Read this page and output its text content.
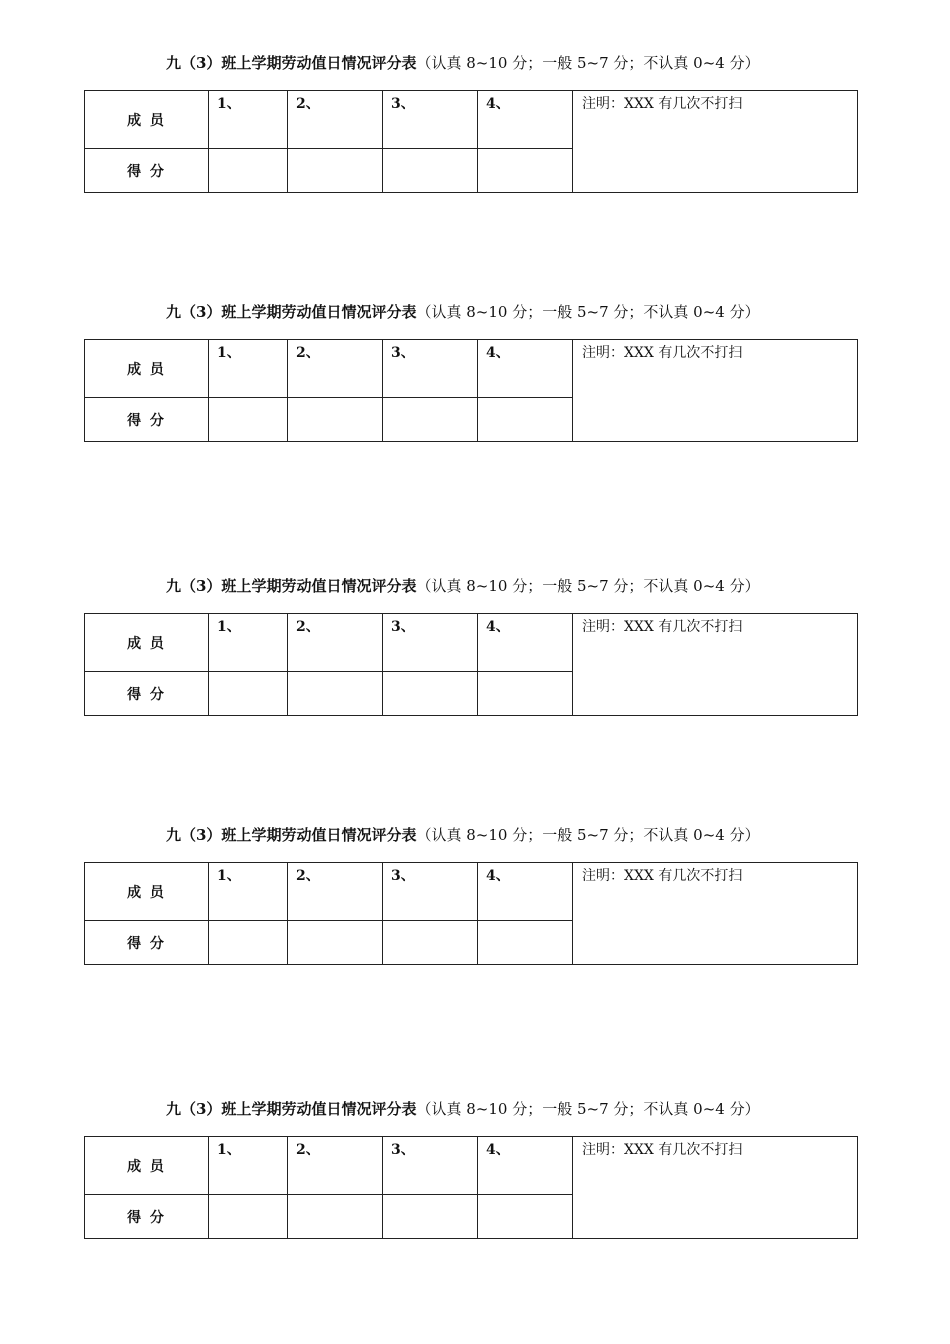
九（3）班上学期劳动值日情况评分表（认真 8~10 分；一般 5~7 分；不认真 0~4 分）
成 员	1、	2、	3、	4、	注明：XXX 有几次不打扫
得 分					
九（3）班上学期劳动值日情况评分表（认真 8~10 分；一般 5~7 分；不认真 0~4 分）
成 员	1、	2、	3、	4、	注明：XXX 有几次不打扫
得 分					
九（3）班上学期劳动值日情况评分表（认真 8~10 分；一般 5~7 分；不认真 0~4 分）
成 员	1、	2、	3、	4、	注明：XXX 有几次不打扫
得 分					
九（3）班上学期劳动值日情况评分表（认真 8~10 分；一般 5~7 分；不认真 0~4 分）
成 员	1、	2、	3、	4、	注明：XXX 有几次不打扫
得 分					
九（3）班上学期劳动值日情况评分表（认真 8~10 分；一般 5~7 分；不认真 0~4 分）
成 员	1、	2、	3、	4、	注明：XXX 有几次不打扫
得 分					
